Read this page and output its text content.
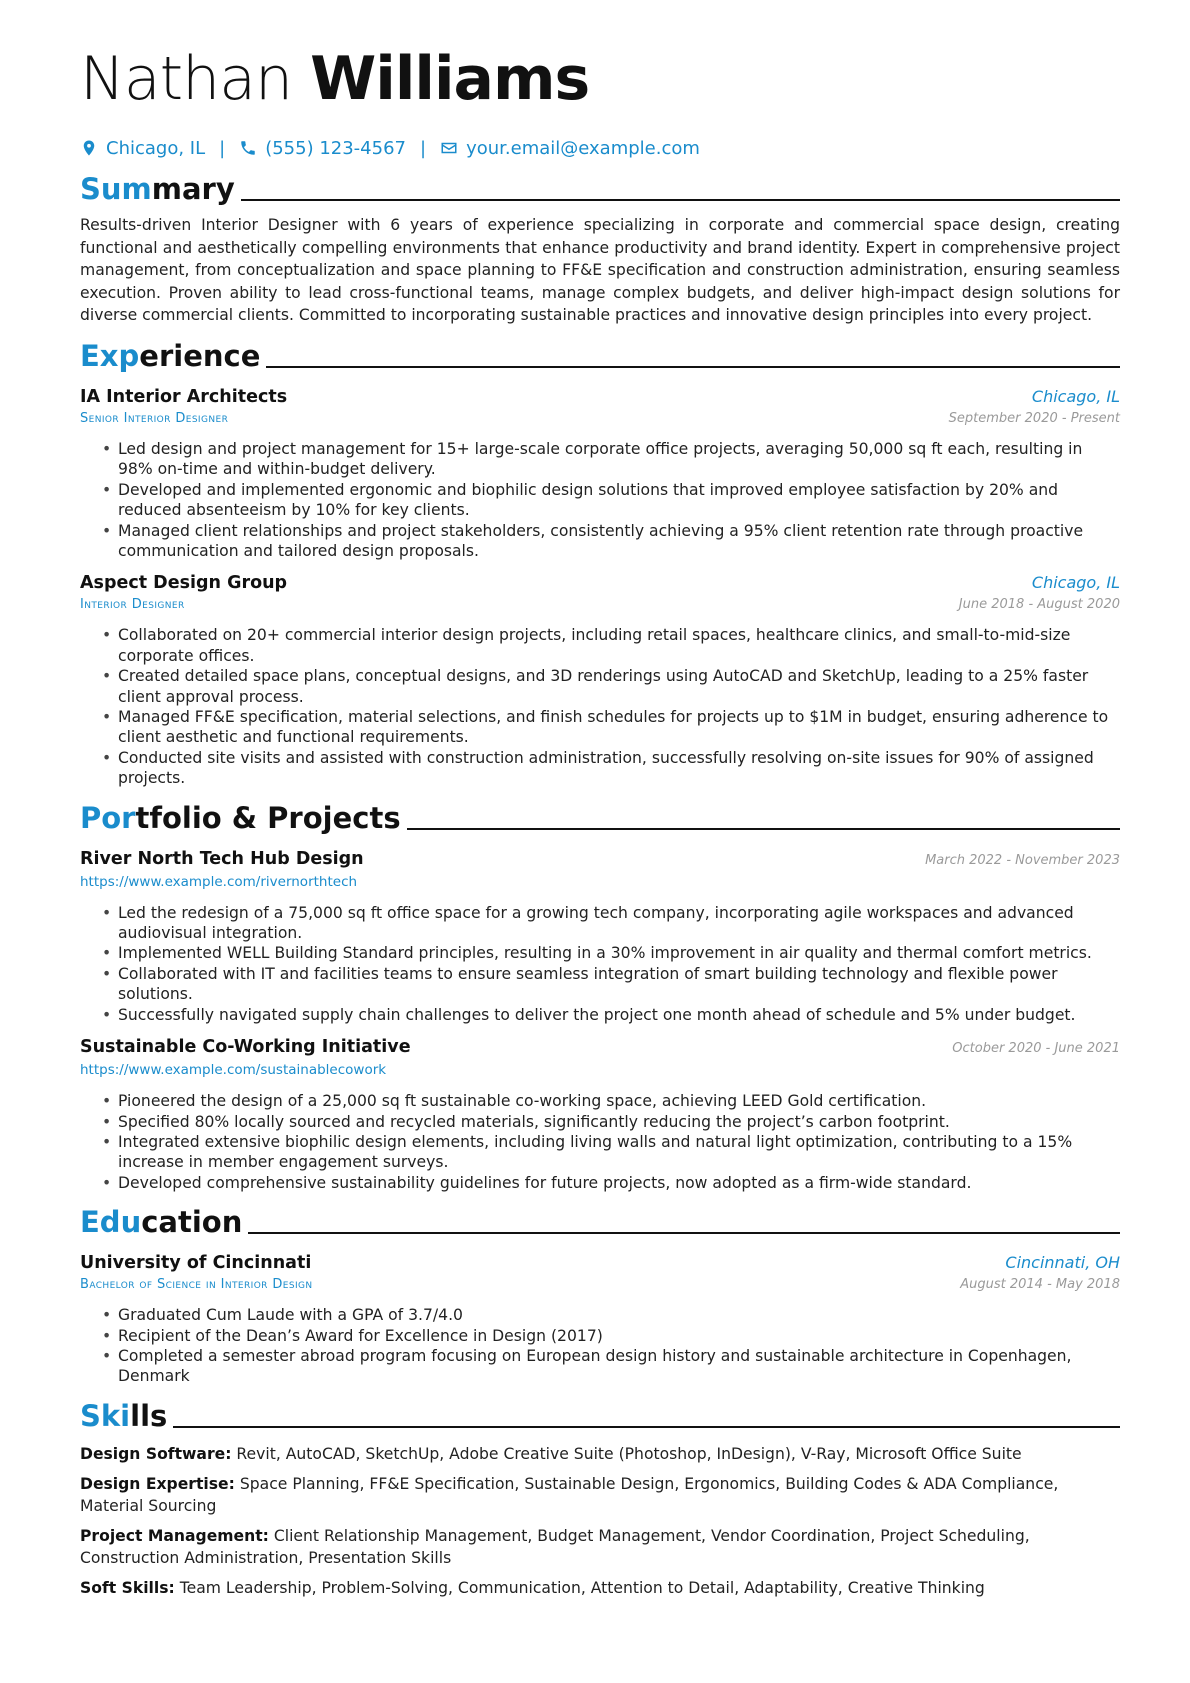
Nathan Williams
Chicago, IL | (555) 123-4567 | your.email@example.com
Summary

Results-driven Interior Designer with 6 years of experience specializing in corporate and commercial space design, creating functional and aesthetically compelling environments that enhance productivity and brand identity. Expert in comprehensive project management, from conceptualization and space planning to FF&E specification and construction administration, ensuring seamless execution. Proven ability to lead cross-functional teams, manage complex budgets, and deliver high-impact design solutions for diverse commercial clients. Committed to incorporating sustainable practices and innovative design principles into every project.

Experience
IA Interior Architects	Chicago, IL
Senior Interior Designer	September 2020 - Present
• Led design and project management for 15+ large-scale corporate office projects, averaging 50,000 sq ft each, resulting in 98% on-time and within-budget delivery.
• Developed and implemented ergonomic and biophilic design solutions that improved employee satisfaction by 20% and reduced absenteeism by 10% for key clients.
• Managed client relationships and project stakeholders, consistently achieving a 95% client retention rate through proactive communication and tailored design proposals.
Aspect Design Group	Chicago, IL
Interior Designer	June 2018 - August 2020
• Collaborated on 20+ commercial interior design projects, including retail spaces, healthcare clinics, and small-to-mid-size corporate offices.
• Created detailed space plans, conceptual designs, and 3D renderings using AutoCAD and SketchUp, leading to a 25% faster client approval process.
• Managed FF&E specification, material selections, and finish schedules for projects up to $1M in budget, ensuring adherence to client aesthetic and functional requirements.
• Conducted site visits and assisted with construction administration, successfully resolving on-site issues for 90% of assigned projects.
Portfolio & Projects
River North Tech Hub Design	March 2022 - November 2023
https://www.example.com/rivernorthtech
• Led the redesign of a 75,000 sq ft office space for a growing tech company, incorporating agile workspaces and advanced audiovisual integration.
• Implemented WELL Building Standard principles, resulting in a 30% improvement in air quality and thermal comfort metrics.
• Collaborated with IT and facilities teams to ensure seamless integration of smart building technology and flexible power solutions.
• Successfully navigated supply chain challenges to deliver the project one month ahead of schedule and 5% under budget.
Sustainable Co-Working Initiative	October 2020 - June 2021
https://www.example.com/sustainablecowork
• Pioneered the design of a 25,000 sq ft sustainable co-working space, achieving LEED Gold certification.
• Specified 80% locally sourced and recycled materials, significantly reducing the project’s carbon footprint.
• Integrated extensive biophilic design elements, including living walls and natural light optimization, contributing to a 15% increase in member engagement surveys.
• Developed comprehensive sustainability guidelines for future projects, now adopted as a firm-wide standard.
Education
University of Cincinnati	Cincinnati, OH
Bachelor of Science in Interior Design	August 2014 - May 2018
• Graduated Cum Laude with a GPA of 3.7/4.0
• Recipient of the Dean’s Award for Excellence in Design (2017)
• Completed a semester abroad program focusing on European design history and sustainable architecture in Copenhagen, Denmark
Skills

Design Software: Revit, AutoCAD, SketchUp, Adobe Creative Suite (Photoshop, InDesign), V-Ray, Microsoft Office Suite

Design Expertise: Space Planning, FF&E Specification, Sustainable Design, Ergonomics, Building Codes & ADA Compliance, Material Sourcing

Project Management: Client Relationship Management, Budget Management, Vendor Coordination, Project Scheduling, Construction Administration, Presentation Skills

Soft Skills: Team Leadership, Problem-Solving, Communication, Attention to Detail, Adaptability, Creative Thinking
